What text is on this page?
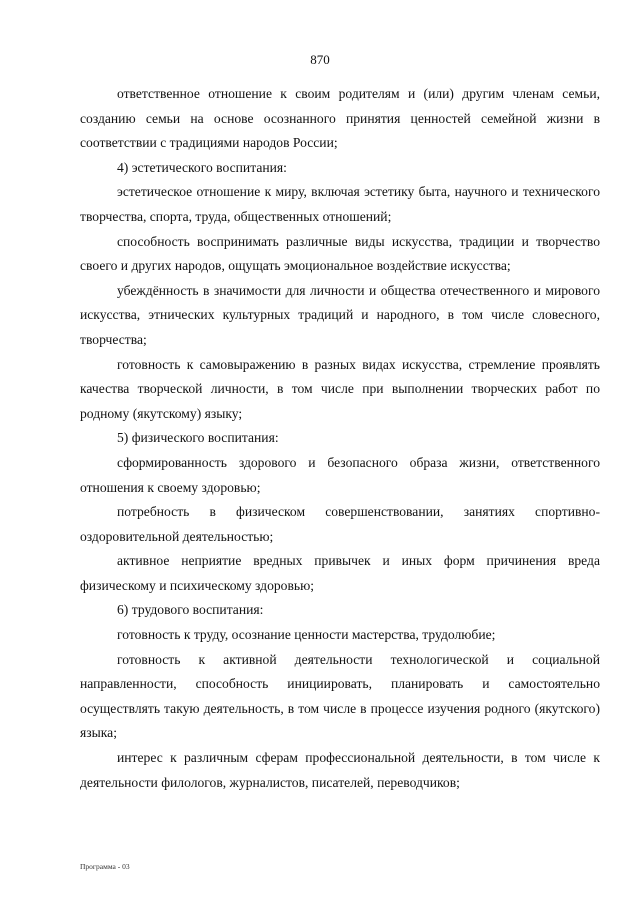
870

ответственное отношение к своим родителям и (или) другим членам семьи, созданию семьи на основе осознанного принятия ценностей семейной жизни в соответствии с традициями народов России;

4) эстетического воспитания:

эстетическое отношение к миру, включая эстетику быта, научного и технического творчества, спорта, труда, общественных отношений;

способность воспринимать различные виды искусства, традиции и творчество своего и других народов, ощущать эмоциональное воздействие искусства;

убеждённость в значимости для личности и общества отечественного и мирового искусства, этнических культурных традиций и народного, в том числе словесного, творчества;

готовность к самовыражению в разных видах искусства, стремление проявлять качества творческой личности, в том числе при выполнении творческих работ по родному (якутскому) языку;

5) физического воспитания:

сформированность здорового и безопасного образа жизни, ответственного отношения к своему здоровью;

потребность в физическом совершенствовании, занятиях спортивно-оздоровительной деятельностью;

активное неприятие вредных привычек и иных форм причинения вреда физическому и психическому здоровью;

6) трудового воспитания:

готовность к труду, осознание ценности мастерства, трудолюбие;

готовность к активной деятельности технологической и социальной направленности, способность инициировать, планировать и самостоятельно осуществлять такую деятельность, в том числе в процессе изучения родного (якутского) языка;

интерес к различным сферам профессиональной деятельности, в том числе к деятельности филологов, журналистов, писателей, переводчиков;

Программа - 03
